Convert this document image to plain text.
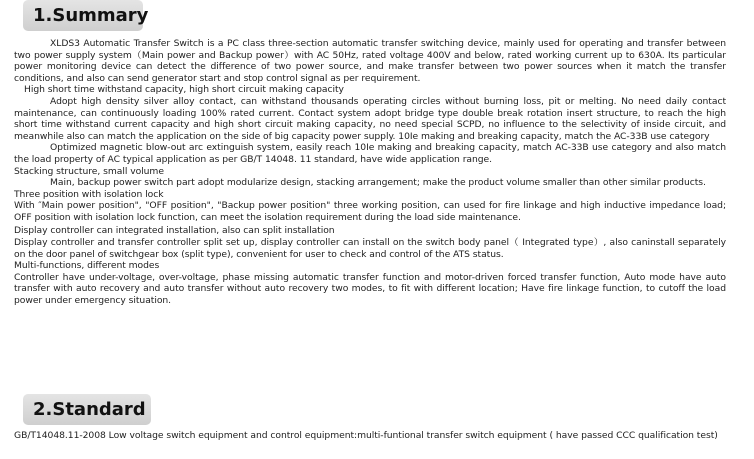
1.Summary

XLDS3 Automatic Transfer Switch is a PC class three-section automatic transfer switching device, mainly used for operating and transfer between two power supply system（Main power and Backup power）with AC 50Hz, rated voltage 400V and below, rated working current up to 630A. Its particular power monitoring device can detect the difference of two power source, and make transfer between two power sources when it match the transfer conditions, and also can send generator start and stop control signal as per requirement.

High short time withstand capacity, high short circuit making capacity

Adopt high density silver alloy contact, can withstand thousands operating circles without burning loss, pit or melting. No need daily contact maintenance, can continuously loading 100% rated current. Contact system adopt bridge type double break rotation insert structure, to reach the high short time withstand current capacity and high short circuit making capacity, no need special SCPD, no influence to the selectivity of inside circuit, and meanwhile also can match the application on the side of big capacity power supply. 10Ie making and breaking capacity, match the AC-33B use category

Optimized magnetic blow-out arc extinguish system, easily reach 10Ie making and breaking capacity, match AC-33B use category and also match the load property of AC typical application as per GB/T 14048. 11 standard, have wide application range.

Stacking structure, small volume

Main, backup power switch part adopt modularize design, stacking arrangement; make the product volume smaller than other similar products.

Three position with isolation lock

With ″Main power position", "OFF position", "Backup power position" three working position, can used for fire linkage and high inductive impedance load; OFF position with isolation lock function, can meet the isolation requirement during the load side maintenance.

Display controller can integrated installation, also can split installation

Display controller and transfer controller split set up, display controller can install on the switch body panel（ Integrated type）, also caninstall separately on the door panel of switchgear box (split type), convenient for user to check and control of the ATS status.

Multi-functions, different modes

Controller have under-voltage, over-voltage, phase missing automatic transfer function and motor-driven forced transfer function, Auto mode have auto transfer with auto recovery and auto transfer without auto recovery two modes, to fit with different location; Have fire linkage function, to cutoff the load power under emergency situation.

2.Standard

GB/T14048.11-2008 Low voltage switch equipment and control equipment:multi-funtional transfer switch equipment ( have passed CCC qualification test)
